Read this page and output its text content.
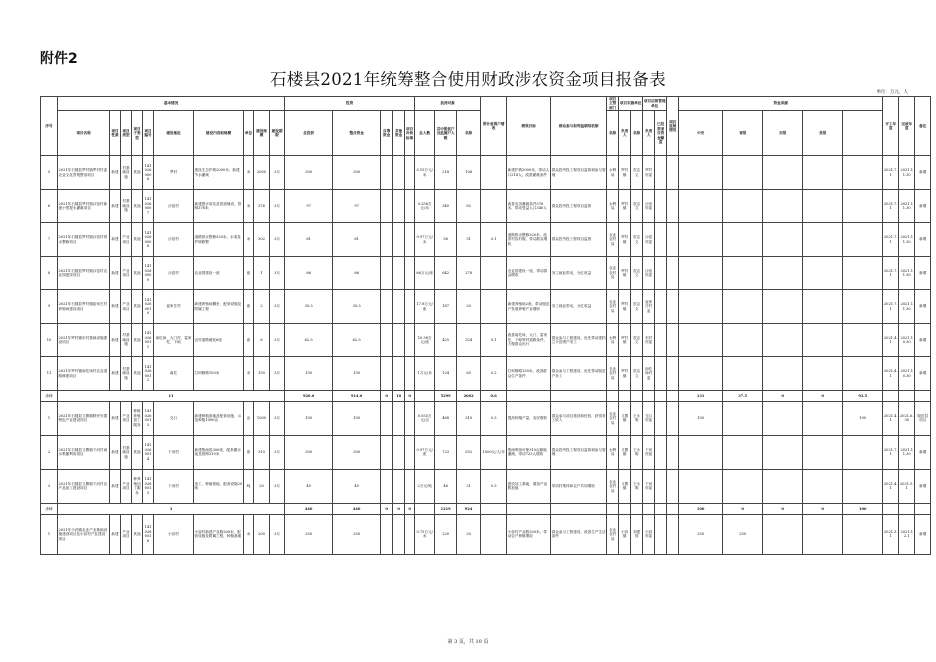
附件2
石楼县2021年统筹整合使用财政涉农资金项目报备表
单位：万元，人
序号	基本情况										投资					扶持对象			预计贫困户增收	绩效目标	群众参与和利益联结机制	项目主管部门	项目实施单位		项目后续管理单位		项目进展情况	资金来源					开工年度	完成年度	备注
	项目名称	项目性质	项目类型	项目子类型	项目编号	建设地址	建设内容和规模	单位	建设规模	建设期限	总投资	整合资金	自筹资金	其他资金	项目补助标准	总人数	其中脱贫户及监测户人数	名称				名称	负责人	名称	负责人	已投资项目资金额度		中央	省级	市级	县级				
5	2021年石楼县罗村镇罗村村委农业文化景观整治项目	新建	村基础设施	其他	1410260006	罗村	建设生态护坡2000米，新建节水灌溉	米	2000	3月	300	300				0.15万元/米	218	106		新建护坡2000米，带动人口218人，改善灌溉条件	群众投劳投工程项目监督和参与管理	水利局	罗村镇	贺志文	罗村村委								2021.7.1	2021.11.30	新增
6	2021年石楼县罗村镇沙窑村新建小型提水灌溉项目	新建	村基础设施	其他	1410260007	沙窑村	新建提水泵站及管道铺设，管网376米	米	376	3月	97	97				0.258万元/米	340	82		改善农田灌溉条件376米，带动受益人口340人	群众投劳投工程项目监督	水利局	罗村镇	贺志文	沙窑村委								2021.7.1	2021.11.30	新增
7	2021年石楼县罗村镇沙窑村排水整修项目	新建	产业项目	其他	1410260008	沙窑村	道路排水整修320米，水渠及护坡修整	米	302	3月	61	61				0.97万元/米	56	31	0.1	道路排水整修320米，改善村容村貌，带动群众增收	群众投劳投工程项目监督	农业农村局	罗村镇	贺志文	沙窑村委								2021.7.1	2021.11.30	新增
8	2021年石楼县罗村镇沙窑村农业园建设项目	新建	产业项目	其他	1410260009	沙窑村	农业园建设一座	座	1	3月	66	66				66万元/座	642	278		农业园建设一座，带动群众增收	务工就业带动，分红收益	农业农村局	罗村镇	贺志文	沙窑村委								2021.7.1	2021.11.30	新增
9	2021年石楼县罗村镇崔家庄村养殖场建设项目	新建	产业项目	其他	1410260010	崔家庄村	新建养殖场棚舍，配套设施及附属工程	座	2	3月	35.5	35.5				17.8万元/座	187	20		新建养殖场2座，带动脱贫户发展养殖产业增收	务工就业带动，分红收益	农业农村局	罗村镇	贺志文	崔家庄村委								2021.7.1	2021.11.30	新增
10	2021年罗村镇东村基础设施建设项目	新建	村基础设施	其他	1410260011	南圪垛、大门村、雷家圪、下峪	农村道路硬化6座	座	6	3月	62.5	62.5				10.38万元/座	425	324	0.1	改善南圪垛、大门、雷家圪、下峪等村道路条件，方便群众出行	群众参与工程建设，优先带动建档立卡贫困户务工	水利局	罗村镇	贺志文	东村村委								2021.4.1	2021.10.30	新增
11	2021年罗村镇南圪垛村农业道路修建项目	新建	村基础设施	其他	1410260012	南圪	打坝修路150米	米	150	3月	150	150				1万元/米	124	65	0.2	打坝修路150米，改善群众生产条件	群众参与工程建设，优先带动脱贫户务工	农业农村局	罗村镇	贺志文	南圪垛村委								2021.4.1	2021.10.30	新增
小计	11										926.0	914.0	0	10	0		5299	2002	0.6									131	37.5	0	0	93.5			
1	2021年石楼县义牒镇移民安置特色产业建设项目	新建	产业项目	种植养殖加工服务	1410260013	交口	新建种植基地及配套设施，示范种植1000亩	亩	1000	3月	100	100				0.055万元/亩	468	310	0.3	提高种植产量，农民增收	群众参与项目建设和经营，获得务工收入	农业农村局	义牒镇	王永明	交口村委			100				100	2021.4.1	2021.6.30	脱贫县项目
2	2021年石楼县义牒镇下河村雨水集蓄利用项目	新建	村基础设施	其他	1410260014	下河村	新建集雨窖300座，配套蓄水池及管网310米	座	310	3月	300	300				0.97万元/座	723	552	1000元/人/年	集雨利用可使310亩耕地灌溉，带动723人增收	群众投劳投工程项目监督和参与管理	水利局	义牒镇	王永明	下河村委								2021.7.1	2021.11.30	新增
3	2021年石楼县义牒镇下河村农产品加工建设项目	新建	产业项目	种养殖加工服务	1410260015	下河村	加工、种植基地，配套设施20吨	吨	20	3月	40	40				2万元/吨	46	21	0.3	建设加工基地，增加产品附加值	带动村集体和农户共同增收	农业农村局	义牒镇	王永明	下河村委								2021.4.1	2021.5.1	新增
小计	3										440	440	0	0	0		1219	924										100	0	0	0	100			
1	2021年小蒜镇农业产业基础设施建设项目及小蒜村产业建设项目	新建	产业项目	其他	1410260016	小蒜村	小蒜村新建产业路200米，配套设施及附属工程，种植基地	米	200	3月	250	250				0.75万元/米	220	20		小蒜村产业路200米，带动农户种植增收	群众参与工程建设，改善生产生活条件	农业农村局	小蒜镇	刘建国	小蒜村委			250	250				2021.3.1	2021.12.1	新增
第 3 页，共 10 页
